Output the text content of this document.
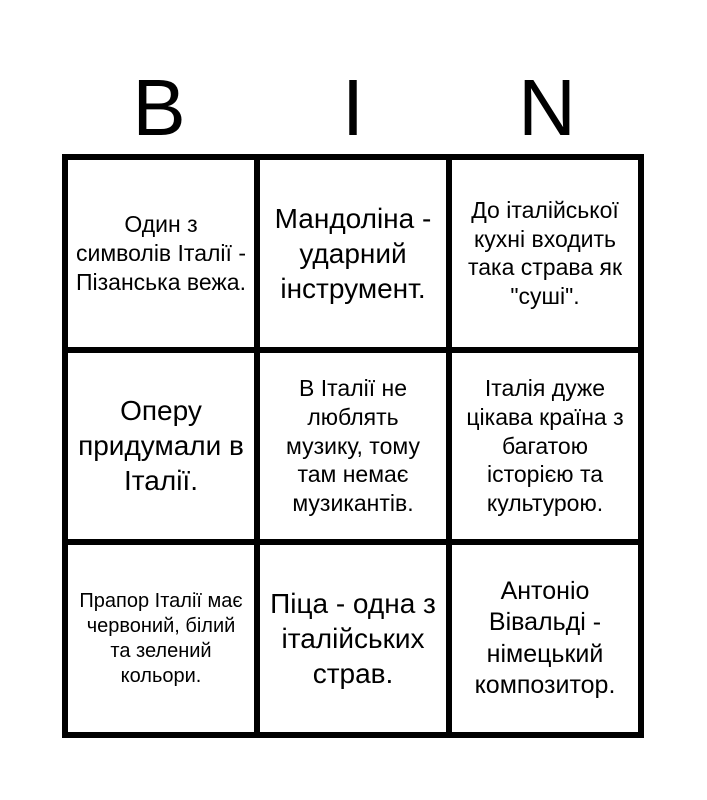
B	I	N
Один з символів Італії - Пізанська вежа.
Мандоліна - ударний інструмент.
До італійської кухні входить така страва як "суші".
Оперу придумали в Італії.
В Італії не люблять музику, тому там немає музикантів.
Італія дуже цікава країна з багатою історією та культурою.
Прапор Італії має червоний, білий та зелений кольори.
Піца - одна з італійських страв.
Антоніо Вівальді - німецький композитор.
